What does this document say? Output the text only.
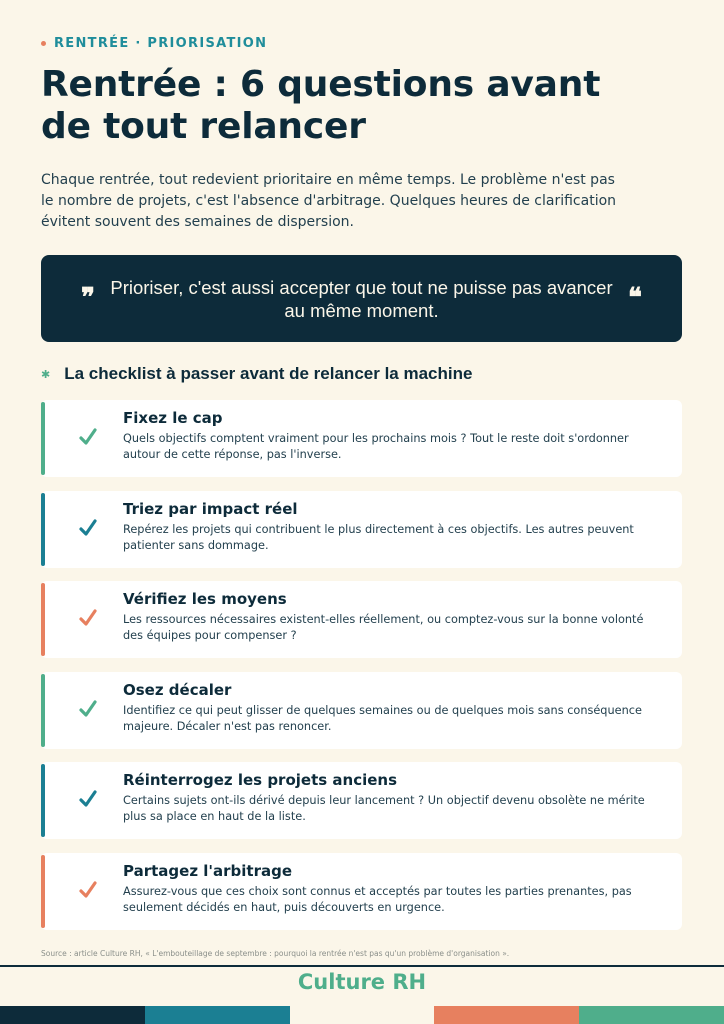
RENTRÉE · PRIORISATION
Rentrée : 6 questions avant de tout relancer

Chaque rentrée, tout redevient prioritaire en même temps. Le problème n'est pas le nombre de projets, c'est l'absence d'arbitrage. Quelques heures de clarification évitent souvent des semaines de dispersion.

❞ Prioriser, c'est aussi accepter que tout ne puisse pas avancer au même moment.	❝
✱ La checklist à passer avant de relancer la machine
Fixez le cap
Quels objectifs comptent vraiment pour les prochains mois ? Tout le reste doit s'ordonner autour de cette réponse, pas l'inverse.
Triez par impact réel
Repérez les projets qui contribuent le plus directement à ces objectifs. Les autres peuvent patienter sans dommage.
Vérifiez les moyens
Les ressources nécessaires existent-elles réellement, ou comptez-vous sur la bonne volonté des équipes pour compenser ?
Osez décaler
Identifiez ce qui peut glisser de quelques semaines ou de quelques mois sans conséquence majeure. Décaler n'est pas renoncer.
Réinterrogez les projets anciens
Certains sujets ont-ils dérivé depuis leur lancement ? Un objectif devenu obsolète ne mérite plus sa place en haut de la liste.
Partagez l'arbitrage
Assurez-vous que ces choix sont connus et acceptés par toutes les parties prenantes, pas seulement décidés en haut, puis découverts en urgence.
Source : article Culture RH, « L'embouteillage de septembre : pourquoi la rentrée n'est pas qu'un problème d'organisation ».
Culture RH
